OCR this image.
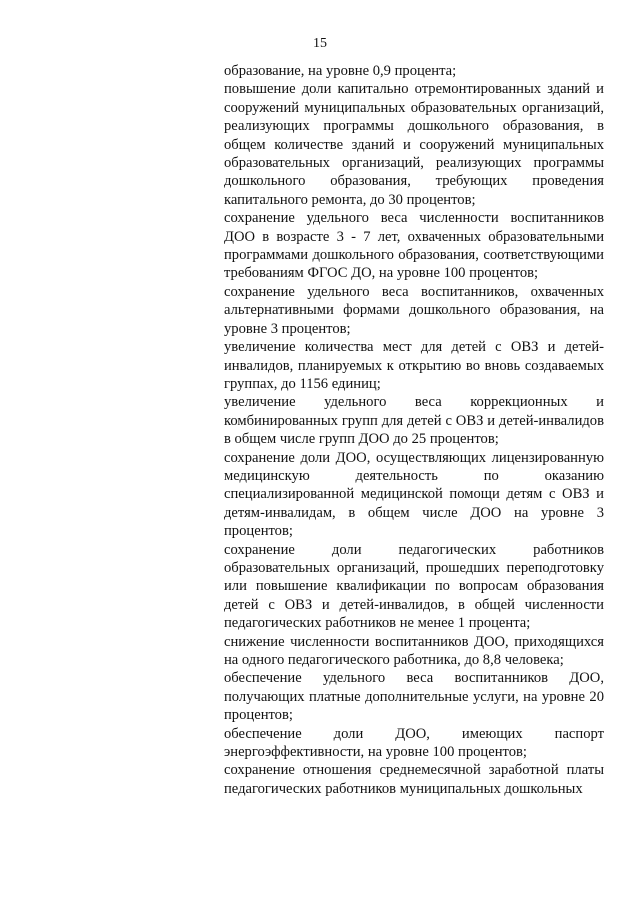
15

образование, на уровне 0,9 процента;

повышение доли капитально отремонтированных зданий и сооружений муниципальных образовательных организаций, реализующих программы дошкольного образования, в общем количестве зданий и сооружений муниципальных образовательных организаций, реализующих программы дошкольного образования, требующих проведения капитального ремонта, до 30 процентов;

сохранение удельного веса численности воспитанников ДОО в возрасте 3 - 7 лет, охваченных образовательными программами дошкольного образования, соответствующими требованиям ФГОС ДО, на уровне 100 процентов;

сохранение удельного веса воспитанников, охваченных альтернативными формами дошкольного образования, на уровне 3 процентов;

увеличение количества мест для детей с ОВЗ и детей-инвалидов, планируемых к открытию во вновь создаваемых группах, до 1156 единиц;

увеличение удельного веса коррекционных и комбинированных групп для детей с ОВЗ и детей-инвалидов в общем числе групп ДОО до 25 процентов;

сохранение доли ДОО, осуществляющих лицензированную медицинскую деятельность по оказанию специализированной медицинской помощи детям с ОВЗ и детям-инвалидам, в общем числе ДОО на уровне 3 процентов;

сохранение доли педагогических работников образовательных организаций, прошедших переподготовку или повышение квалификации по вопросам образования детей с ОВЗ и детей-инвалидов, в общей численности педагогических работников не менее 1 процента;

снижение численности воспитанников ДОО, приходящихся на одного педагогического работника, до 8,8 человека;

обеспечение удельного веса воспитанников ДОО, получающих платные дополнительные услуги, на уровне 20 процентов;

обеспечение доли ДОО, имеющих паспорт энергоэффективности, на уровне 100 процентов;

сохранение отношения среднемесячной заработной платы педагогических работников муниципальных дошкольных
